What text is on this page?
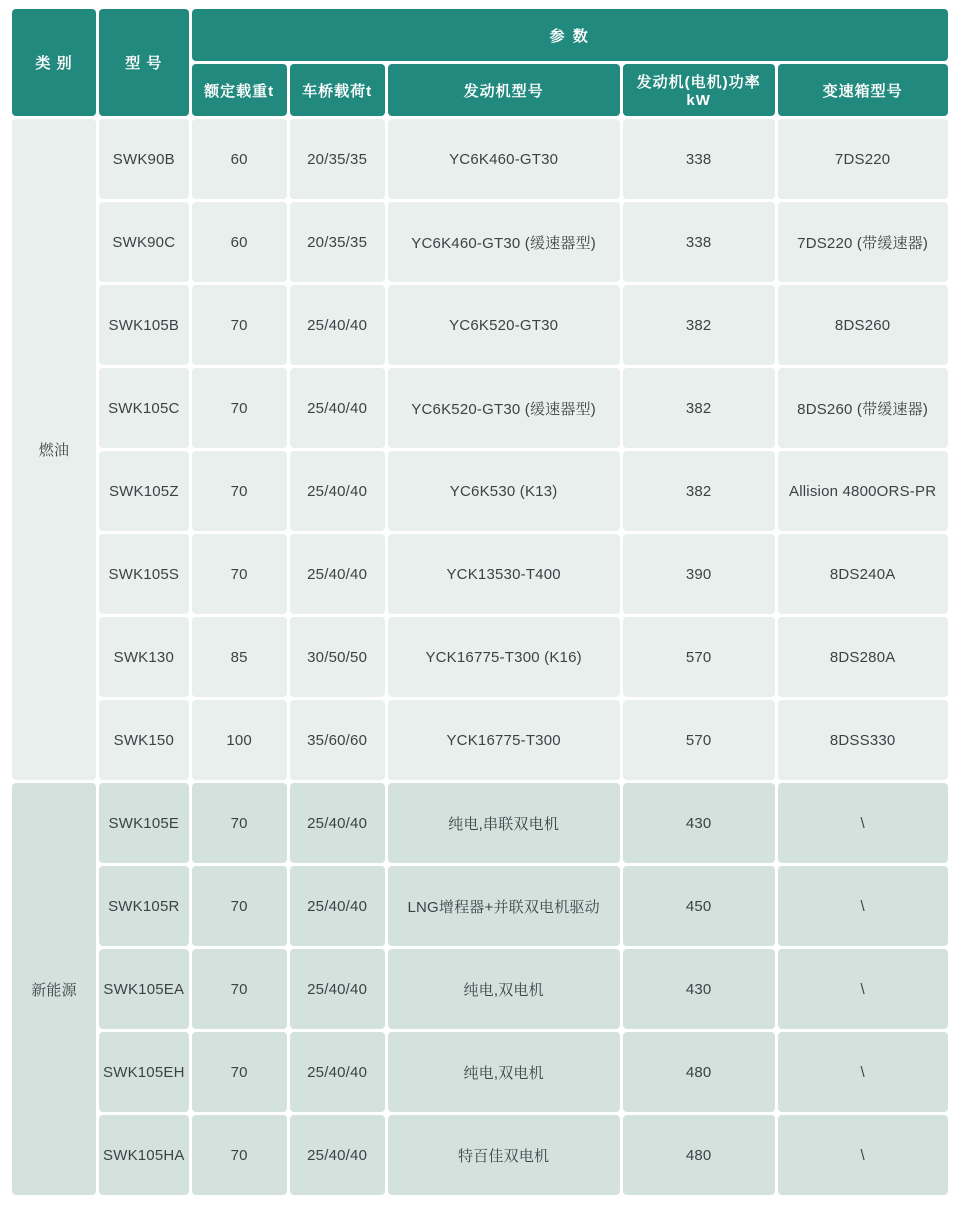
类 别	型 号	参 数				
		额定载重t	车桥载荷t	发动机型号	发动机(电机)功率kW	变速箱型号
燃油	SWK90B	60	20/35/35	YC6K460-GT30	338	7DS220
	SWK90C	60	20/35/35	YC6K460-GT30 (缓速器型)	338	7DS220 (带缓速器)
	SWK105B	70	25/40/40	YC6K520-GT30	382	8DS260
	SWK105C	70	25/40/40	YC6K520-GT30 (缓速器型)	382	8DS260 (带缓速器)
	SWK105Z	70	25/40/40	YC6K530 (K13)	382	Allision 4800ORS-PR
	SWK105S	70	25/40/40	YCK13530-T400	390	8DS240A
	SWK130	85	30/50/50	YCK16775-T300 (K16)	570	8DS280A
	SWK150	100	35/60/60	YCK16775-T300	570	8DSS330
新能源	SWK105E	70	25/40/40	纯电,串联双电机	430	\
	SWK105R	70	25/40/40	LNG增程器+并联双电机驱动	450	\
	SWK105EA	70	25/40/40	纯电,双电机	430	\
	SWK105EH	70	25/40/40	纯电,双电机	480	\
	SWK105HA	70	25/40/40	特百佳双电机	480	\
